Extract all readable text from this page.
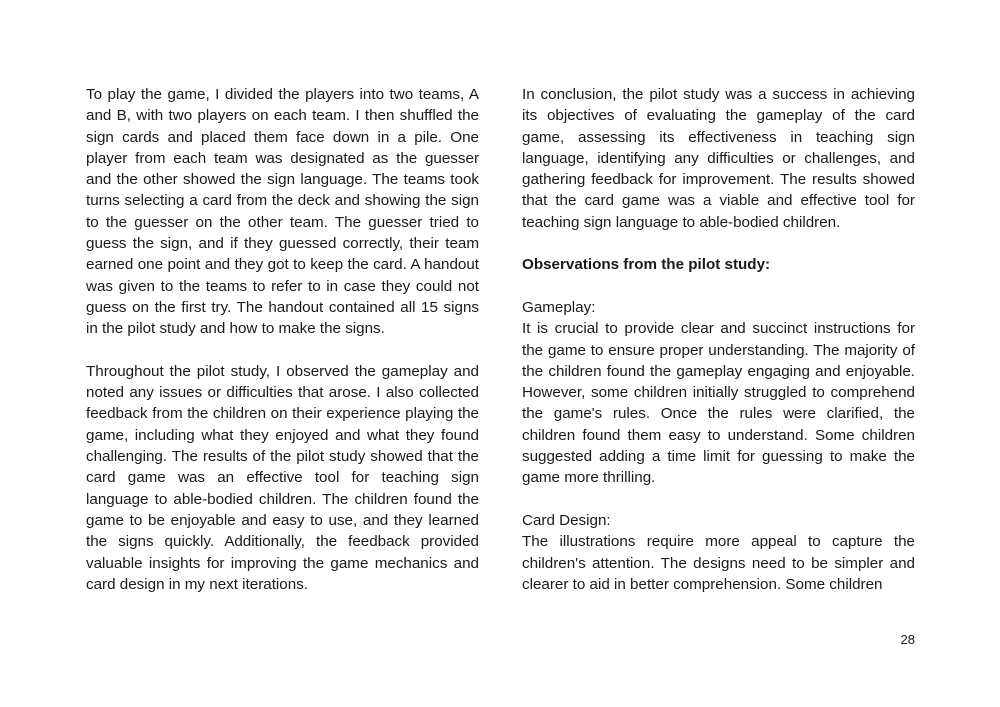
To play the game, I divided the players into two teams, A and B, with two players on each team. I then shuffled the sign cards and placed them face down in a pile. One player from each team was designated as the guesser and the other showed the sign language. The teams took turns selecting a card from the deck and showing the sign to the guesser on the other team. The guesser tried to guess the sign, and if they guessed correctly, their team earned one point and they got to keep the card. A handout was given to the teams to refer to in case they could not guess on the first try. The handout contained all 15 signs in the pilot study and how to make the signs.

Throughout the pilot study, I observed the gameplay and noted any issues or difficulties that arose. I also collected feedback from the children on their experience playing the game, including what they enjoyed and what they found challenging. The results of the pilot study showed that the card game was an effective tool for teaching sign language to able-bodied children. The children found the game to be enjoyable and easy to use, and they learned the signs quickly. Additionally, the feedback provided valuable insights for improving the game mechanics and card design in my next iterations.

In conclusion, the pilot study was a success in achieving its objectives of evaluating the gameplay of the card game, assessing its effectiveness in teaching sign language, identifying any difficulties or challenges, and gathering feedback for improvement. The results showed that the card game was a viable and effective tool for teaching sign language to able-bodied children.

Observations from the pilot study:

Gameplay:

It is crucial to provide clear and succinct instructions for the game to ensure proper understanding. The majority of the children found the gameplay engaging and enjoyable. However, some children initially struggled to comprehend the game's rules. Once the rules were clarified, the children found them easy to understand. Some children suggested adding a time limit for guessing to make the game more thrilling.

Card Design:

The illustrations require more appeal to capture the children's attention. The designs need to be simpler and clearer to aid in better comprehension. Some children

28
